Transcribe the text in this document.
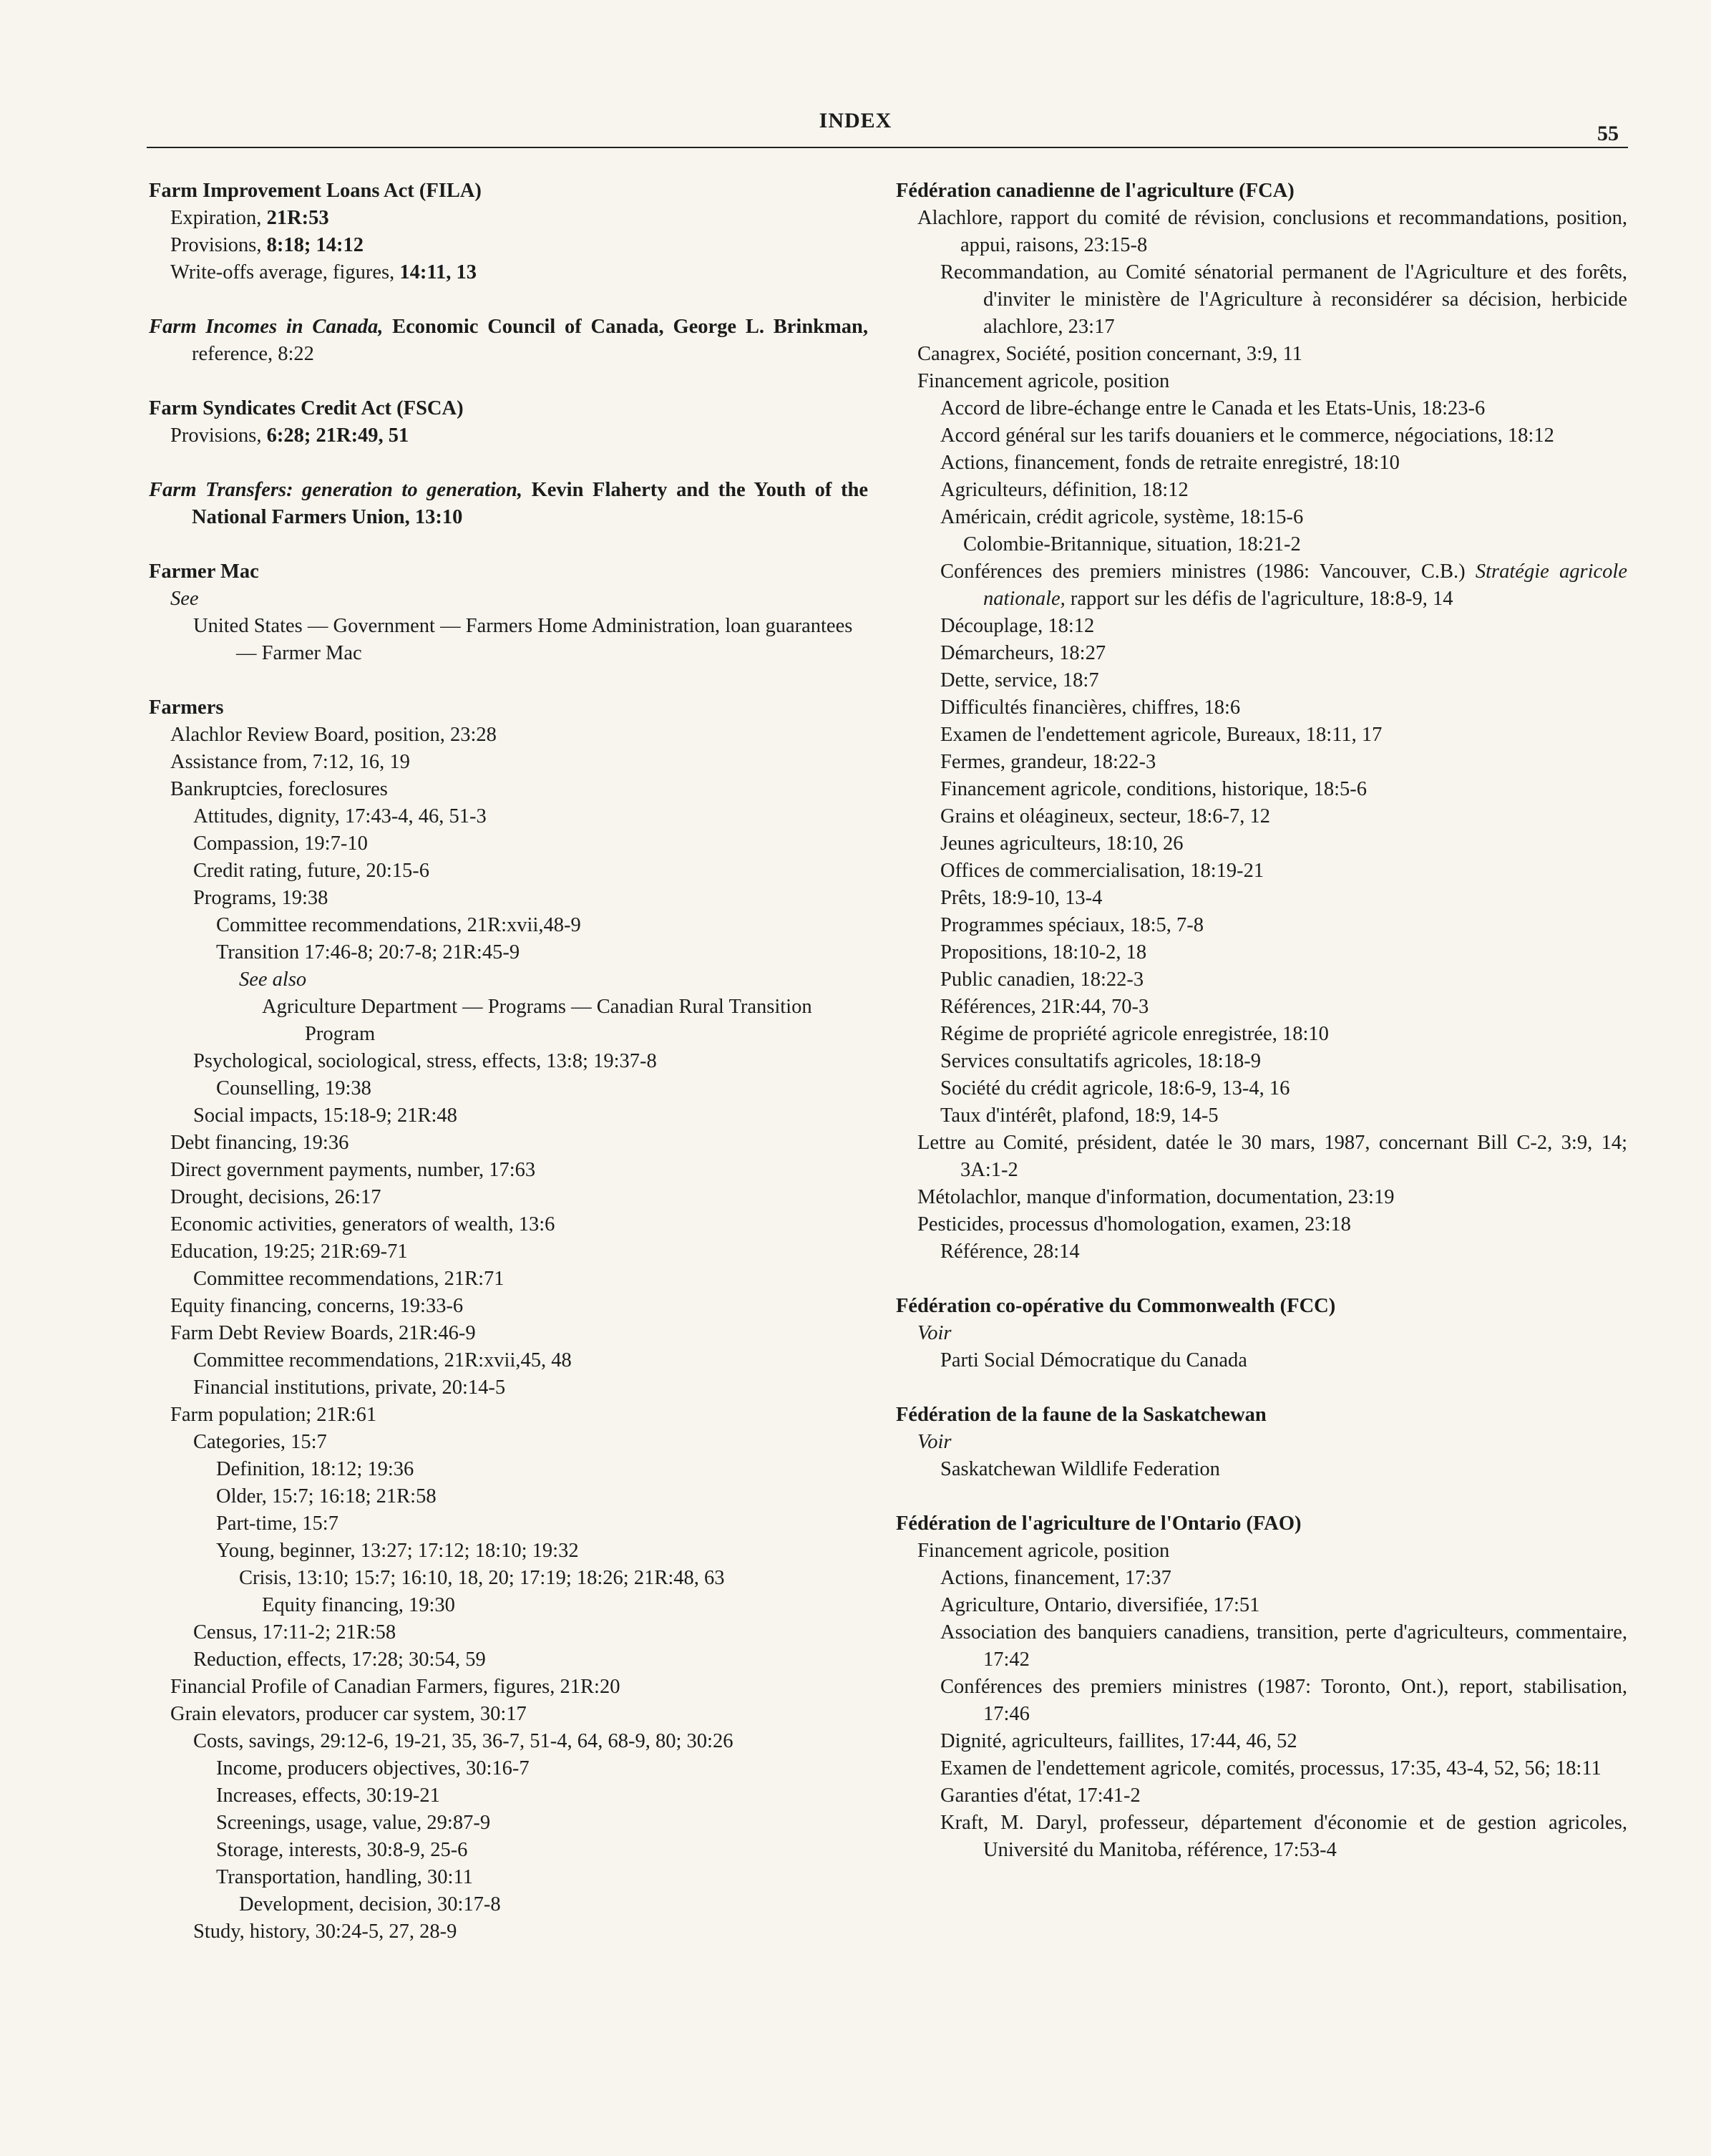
INDEX
55
Farm Improvement Loans Act (FILA)
Expiration, 21R:53
Provisions, 8:18; 14:12
Write-offs average, figures, 14:11, 13
Farm Incomes in Canada, Economic Council of Canada, George L. Brinkman, reference, 8:22
Farm Syndicates Credit Act (FSCA)
Provisions, 6:28; 21R:49, 51
Farm Transfers: generation to generation, Kevin Flaherty and the Youth of the National Farmers Union, 13:10
Farmer Mac
See
United States — Government — Farmers Home Administration, loan guarantees — Farmer Mac
Farmers
Alachlor Review Board, position, 23:28
Assistance from, 7:12, 16, 19
Bankruptcies, foreclosures
Attitudes, dignity, 17:43-4, 46, 51-3
Compassion, 19:7-10
Credit rating, future, 20:15-6
Programs, 19:38
Committee recommendations, 21R:xvii,48-9
Transition 17:46-8; 20:7-8; 21R:45-9
See also
Agriculture Department — Programs — Canadian Rural Transition Program
Psychological, sociological, stress, effects, 13:8; 19:37-8
Counselling, 19:38
Social impacts, 15:18-9; 21R:48
Debt financing, 19:36
Direct government payments, number, 17:63
Drought, decisions, 26:17
Economic activities, generators of wealth, 13:6
Education, 19:25; 21R:69-71
Committee recommendations, 21R:71
Equity financing, concerns, 19:33-6
Farm Debt Review Boards, 21R:46-9
Committee recommendations, 21R:xvii,45, 48
Financial institutions, private, 20:14-5
Farm population; 21R:61
Categories, 15:7
Definition, 18:12; 19:36
Older, 15:7; 16:18; 21R:58
Part-time, 15:7
Young, beginner, 13:27; 17:12; 18:10; 19:32
Crisis, 13:10; 15:7; 16:10, 18, 20; 17:19; 18:26; 21R:48, 63
Equity financing, 19:30
Census, 17:11-2; 21R:58
Reduction, effects, 17:28; 30:54, 59
Financial Profile of Canadian Farmers, figures, 21R:20
Grain elevators, producer car system, 30:17
Costs, savings, 29:12-6, 19-21, 35, 36-7, 51-4, 64, 68-9, 80; 30:26
Income, producers objectives, 30:16-7
Increases, effects, 30:19-21
Screenings, usage, value, 29:87-9
Storage, interests, 30:8-9, 25-6
Transportation, handling, 30:11
Development, decision, 30:17-8
Study, history, 30:24-5, 27, 28-9
Fédération canadienne de l'agriculture (FCA)
Alachlore, rapport du comité de révision, conclusions et recommandations, position, appui, raisons, 23:15-8
Recommandation, au Comité sénatorial permanent de l'Agriculture et des forêts, d'inviter le ministère de l'Agriculture à reconsidérer sa décision, herbicide alachlore, 23:17
Canagrex, Société, position concernant, 3:9, 11
Financement agricole, position
Accord de libre-échange entre le Canada et les Etats-Unis, 18:23-6
Accord général sur les tarifs douaniers et le commerce, négociations, 18:12
Actions, financement, fonds de retraite enregistré, 18:10
Agriculteurs, définition, 18:12
Américain, crédit agricole, système, 18:15-6
Colombie-Britannique, situation, 18:21-2
Conférences des premiers ministres (1986: Vancouver, C.B.) Stratégie agricole nationale, rapport sur les défis de l'agriculture, 18:8-9, 14
Découplage, 18:12
Démarcheurs, 18:27
Dette, service, 18:7
Difficultés financières, chiffres, 18:6
Examen de l'endettement agricole, Bureaux, 18:11, 17
Fermes, grandeur, 18:22-3
Financement agricole, conditions, historique, 18:5-6
Grains et oléagineux, secteur, 18:6-7, 12
Jeunes agriculteurs, 18:10, 26
Offices de commercialisation, 18:19-21
Prêts, 18:9-10, 13-4
Programmes spéciaux, 18:5, 7-8
Propositions, 18:10-2, 18
Public canadien, 18:22-3
Références, 21R:44, 70-3
Régime de propriété agricole enregistrée, 18:10
Services consultatifs agricoles, 18:18-9
Société du crédit agricole, 18:6-9, 13-4, 16
Taux d'intérêt, plafond, 18:9, 14-5
Lettre au Comité, président, datée le 30 mars, 1987, concernant Bill C-2, 3:9, 14; 3A:1-2
Métolachlor, manque d'information, documentation, 23:19
Pesticides, processus d'homologation, examen, 23:18
Référence, 28:14
Fédération co-opérative du Commonwealth (FCC)
Voir
Parti Social Démocratique du Canada
Fédération de la faune de la Saskatchewan
Voir
Saskatchewan Wildlife Federation
Fédération de l'agriculture de l'Ontario (FAO)
Financement agricole, position
Actions, financement, 17:37
Agriculture, Ontario, diversifiée, 17:51
Association des banquiers canadiens, transition, perte d'agriculteurs, commentaire, 17:42
Conférences des premiers ministres (1987: Toronto, Ont.), report, stabilisation, 17:46
Dignité, agriculteurs, faillites, 17:44, 46, 52
Examen de l'endettement agricole, comités, processus, 17:35, 43-4, 52, 56; 18:11
Garanties d'état, 17:41-2
Kraft, M. Daryl, professeur, département d'économie et de gestion agricoles, Université du Manitoba, référence, 17:53-4
